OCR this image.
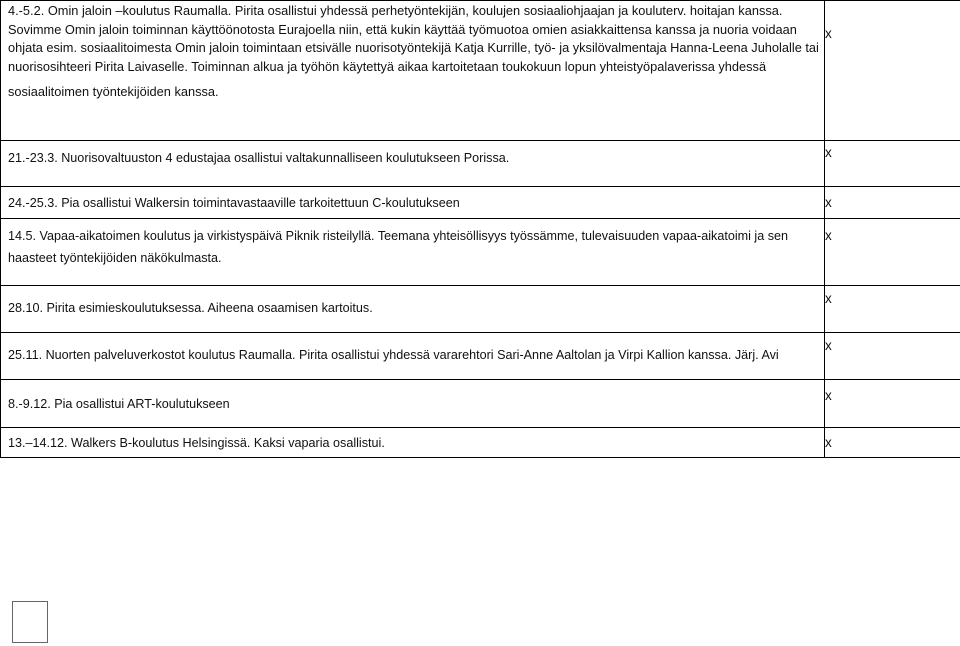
4.-5.2. Omin jaloin –koulutus Raumalla. Pirita osallistui yhdessä perhetyöntekijän, koulujen sosiaaliohjaajan ja kouluterv. hoitajan kanssa.
Sovimme Omin jaloin toiminnan käyttöönotosta Eurajoella niin, että kukin käyttää työmuotoa omien asiakkaittensa kanssa ja nuoria voidaan
ohjata esim. sosiaalitoimesta Omin jaloin toimintaan etsivälle nuorisotyöntekijä Katja Kurrille, työ- ja yksilövalmentaja Hanna-Leena Juholalle tai
nuorisosihteeri Pirita Laivaselle. Toiminnan alkua ja työhön käytettyä aikaa kartoitetaan toukokuun lopun yhteistyöpalaverissa yhdessä
sosiaalitoimen työntekijöiden kanssa.	x

21.-23.3. Nuorisovaltuuston 4 edustajaa osallistui valtakunnalliseen koulutukseen Porissa.	x

24.-25.3. Pia osallistui Walkersin toimintavastaaville tarkoitettuun C-koulutukseen	x

14.5. Vapaa-aikatoimen koulutus ja virkistyspäivä Piknik risteilyllä. Teemana yhteisöllisyys työssämme, tulevaisuuden vapaa-aikatoimi ja sen
haasteet työntekijöiden näkökulmasta.	x

28.10. Pirita esimieskoulutuksessa. Aiheena osaamisen kartoitus.	x

25.11. Nuorten palveluverkostot koulutus Raumalla. Pirita osallistui yhdessä vararehtori Sari-Anne Aaltolan ja Virpi Kallion kanssa. Järj. Avi	x

8.-9.12. Pia osallistui ART-koulutukseen	x

13.–14.12. Walkers B-koulutus Helsingissä. Kaksi vaparia osallistui.	x
